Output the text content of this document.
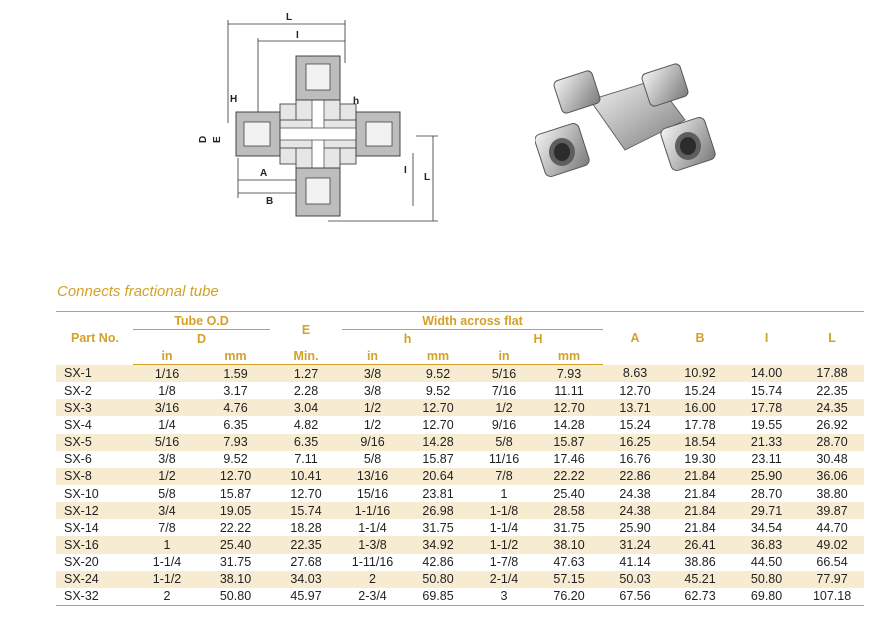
L
I
H	h
D E
A
B
I
L
Connects fractional tube
Part No.	Tube O.D		E	Width across flat				A	B	I	L
	D			h		H					
	in	mm	Min.	in	mm	in	mm				
SX-1	1/16	1.59	1.27	3/8	9.52	5/16	7.93	8.63	10.92	14.00	17.88
SX-2	1/8	3.17	2.28	3/8	9.52	7/16	11.11	12.70	15.24	15.74	22.35
SX-3	3/16	4.76	3.04	1/2	12.70	1/2	12.70	13.71	16.00	17.78	24.35
SX-4	1/4	6.35	4.82	1/2	12.70	9/16	14.28	15.24	17.78	19.55	26.92
SX-5	5/16	7.93	6.35	9/16	14.28	5/8	15.87	16.25	18.54	21.33	28.70
SX-6	3/8	9.52	7.11	5/8	15.87	11/16	17.46	16.76	19.30	23.11	30.48
SX-8	1/2	12.70	10.41	13/16	20.64	7/8	22.22	22.86	21.84	25.90	36.06
SX-10	5/8	15.87	12.70	15/16	23.81	1	25.40	24.38	21.84	28.70	38.80
SX-12	3/4	19.05	15.74	1-1/16	26.98	1-1/8	28.58	24.38	21.84	29.71	39.87
SX-14	7/8	22.22	18.28	1-1/4	31.75	1-1/4	31.75	25.90	21.84	34.54	44.70
SX-16	1	25.40	22.35	1-3/8	34.92	1-1/2	38.10	31.24	26.41	36.83	49.02
SX-20	1-1/4	31.75	27.68	1-11/16	42.86	1-7/8	47.63	41.14	38.86	44.50	66.54
SX-24	1-1/2	38.10	34.03	2	50.80	2-1/4	57.15	50.03	45.21	50.80	77.97
SX-32	2	50.80	45.97	2-3/4	69.85	3	76.20	67.56	62.73	69.80	107.18
